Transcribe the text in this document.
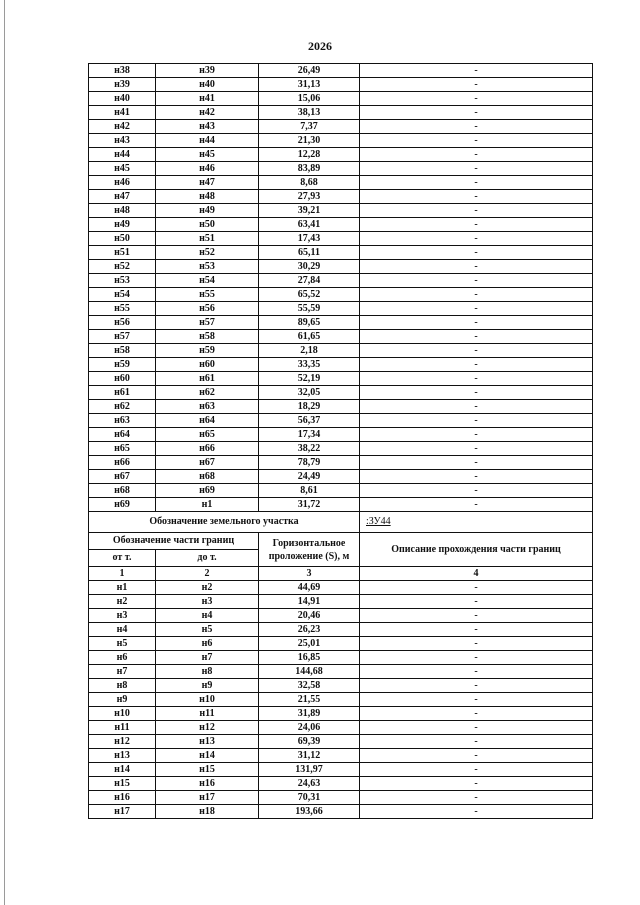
2026
н38	н39	26,49	-
н39	н40	31,13	-
н40	н41	15,06	-
н41	н42	38,13	-
н42	н43	7,37	-
н43	н44	21,30	-
н44	н45	12,28	-
н45	н46	83,89	-
н46	н47	8,68	-
н47	н48	27,93	-
н48	н49	39,21	-
н49	н50	63,41	-
н50	н51	17,43	-
н51	н52	65,11	-
н52	н53	30,29	-
н53	н54	27,84	-
н54	н55	65,52	-
н55	н56	55,59	-
н56	н57	89,65	-
н57	н58	61,65	-
н58	н59	2,18	-
н59	н60	33,35	-
н60	н61	52,19	-
н61	н62	32,05	-
н62	н63	18,29	-
н63	н64	56,37	-
н64	н65	17,34	-
н65	н66	38,22	-
н66	н67	78,79	-
н67	н68	24,49	-
н68	н69	8,61	-
н69	н1	31,72	-
Обозначение земельного участка			:ЗУ44
Обозначение части границ		Горизонтальное проложение (S), м	Описание прохождения части границ
от т.	до т.		
1	2	3	4
н1	н2	44,69	-
н2	н3	14,91	-
н3	н4	20,46	-
н4	н5	26,23	-
н5	н6	25,01	-
н6	н7	16,85	-
н7	н8	144,68	-
н8	н9	32,58	-
н9	н10	21,55	-
н10	н11	31,89	-
н11	н12	24,06	-
н12	н13	69,39	-
н13	н14	31,12	-
н14	н15	131,97	-
н15	н16	24,63	-
н16	н17	70,31	-
н17	н18	193,66	-
